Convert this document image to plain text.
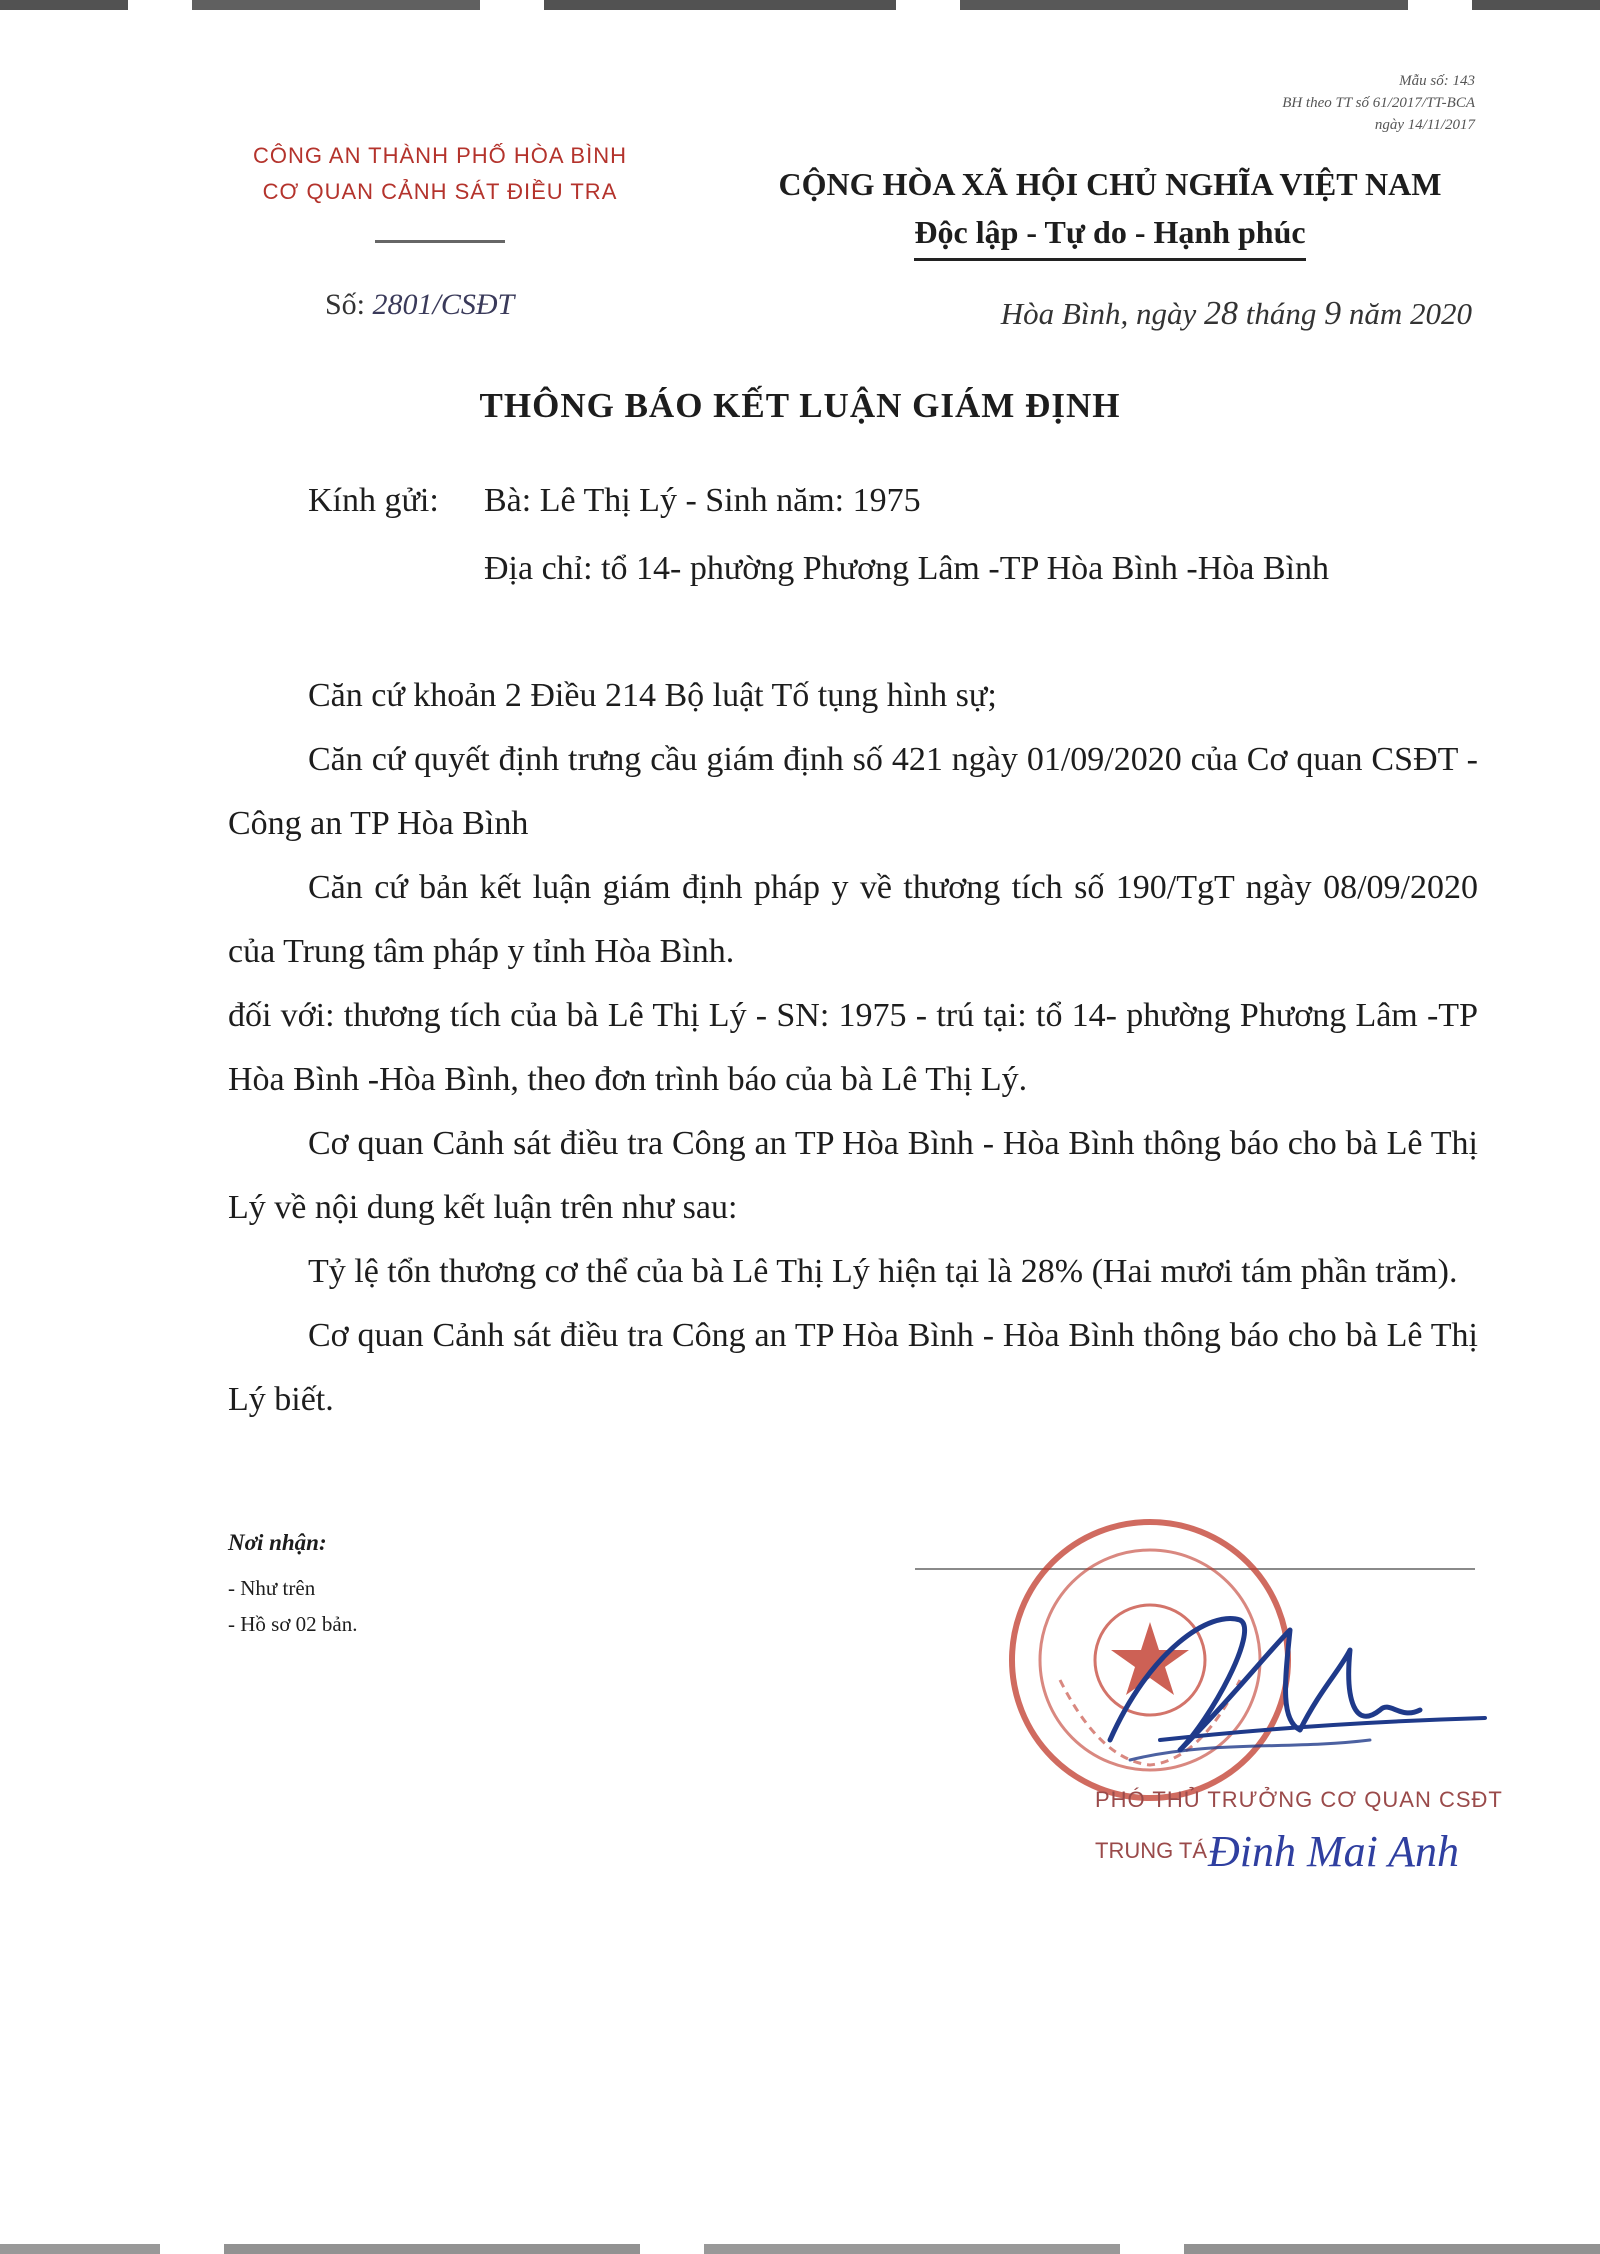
Mẫu số: 143
BH theo TT số 61/2017/TT-BCA
ngày 14/11/2017
CÔNG AN THÀNH PHỐ HÒA BÌNH
CƠ QUAN CẢNH SÁT ĐIỀU TRA	CỘNG HÒA XÃ HỘI CHỦ NGHĨA VIỆT NAM
Độc lập - Tự do - Hạnh phúc
Số: 2801/CSĐT	Hòa Bình, ngày 28 tháng 9 năm 2020
THÔNG BÁO KẾT LUẬN GIÁM ĐỊNH
Kính gửi: Bà: Lê Thị Lý - Sinh năm: 1975
Địa chỉ: tổ 14- phường Phương Lâm -TP Hòa Bình -Hòa Bình

Căn cứ khoản 2 Điều 214 Bộ luật Tố tụng hình sự;

Căn cứ quyết định trưng cầu giám định số 421 ngày 01/09/2020 của Cơ quan CSĐT - Công an TP Hòa Bình

Căn cứ bản kết luận giám định pháp y về thương tích số 190/TgT ngày 08/09/2020 của Trung tâm pháp y tỉnh Hòa Bình.

đối với: thương tích của bà Lê Thị Lý - SN: 1975 - trú tại: tổ 14- phường Phương Lâm -TP Hòa Bình -Hòa Bình, theo đơn trình báo của bà Lê Thị Lý.

Cơ quan Cảnh sát điều tra Công an TP Hòa Bình - Hòa Bình thông báo cho bà Lê Thị Lý về nội dung kết luận trên như sau:

Tỷ lệ tổn thương cơ thể của bà Lê Thị Lý hiện tại là 28% (Hai mươi tám phần trăm).

Cơ quan Cảnh sát điều tra Công an TP Hòa Bình - Hòa Bình thông báo cho bà Lê Thị Lý biết.

Nơi nhận:
- Như trên
- Hồ sơ 02 bản.
PHÓ THỦ TRƯỞNG CƠ QUAN CSĐT
TRUNG TÁ Đinh Mai Anh
